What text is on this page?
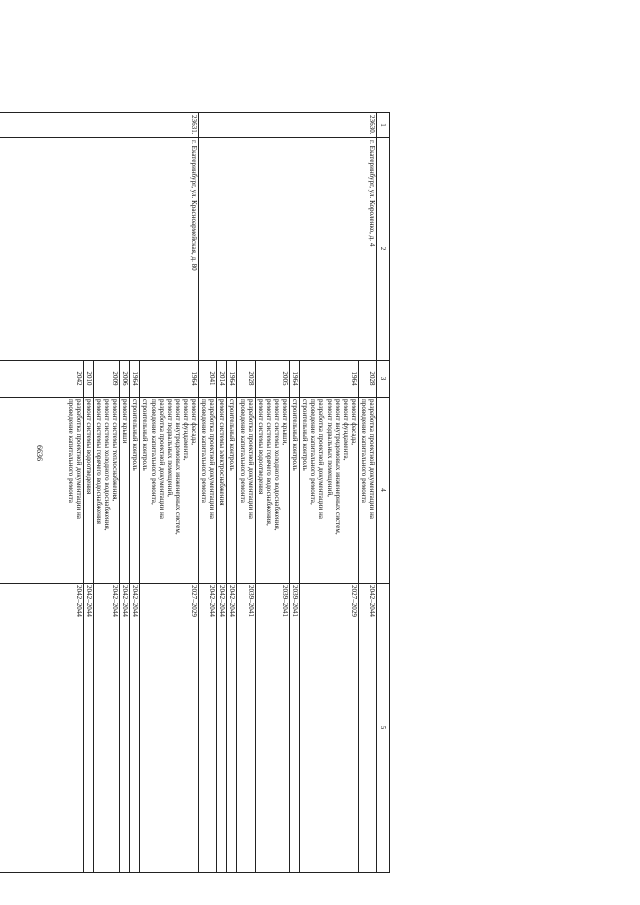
6636
1
2
3
4
5
23630.
г. Екатеринбург, ул. Короленко, д. 4
2028
разработка проектной документации на
проведение капитального ремонта
2042–2044
1964
ремонт фасада,
ремонт фундамента,
ремонт внутридомовых инженерных систем,
ремонт подвальных помещений,
разработка проектной документации на
проведение капитального ремонта,
строительный контроль
2027–2029
1964
строительный контроль
2039–2041
2005
ремонт крыши,
ремонт системы холодного водоснабжения,
ремонт системы горячего водоснабжения,
ремонт системы водоотведения
2039–2041
2028
разработка проектной документации на
проведение капитального ремонта
2039–2041
1964
строительный контроль
2042–2044
2014
ремонт системы электроснабжения
2042–2044
2041
разработка проектной документации на
проведение капитального ремонта
2042–2044
23631.
г. Екатеринбург, ул. Красноармейская, д. 80
1964
ремонт фасада,
ремонт фундамента,
ремонт внутридомовых инженерных систем,
ремонт подвальных помещений,
разработка проектной документации на
проведение капитального ремонта,
строительный контроль
2027–2029
1964
строительный контроль
2042–2044
2006
ремонт крыши
2042–2044
2009
ремонт системы теплоснабжения,
ремонт системы холодного водоснабжения,
ремонт системы горячего водоснабжения
2042–2044
2010
ремонт системы водоотведения
2042–2044
2042
разработка проектной документации на
проведение капитального ремонта
2042–2044
